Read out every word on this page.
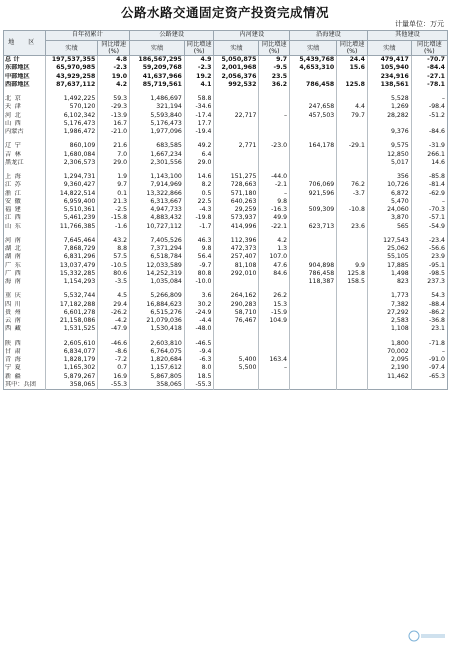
公路水路交通固定资产投资完成情况
计量单位：万元
地 区	自年初累计		公路建设		内河建设		沿海建设		其他建设	
	实绩	同比增速(%)	实绩	同比增速(%)	实绩	同比增速(%)	实绩	同比增速(%)	实绩	同比增速(%)
总 计	197,537,355	4.8	186,567,295	4.9	5,050,875	9.7	5,439,768	24.4	479,417	-70.7
东部地区	65,970,985	-2.3	59,209,768	-2.3	2,001,968	-9.5	4,653,310	15.6	105,940	-84.4
中部地区	43,929,258	19.0	41,637,966	19.2	2,056,376	23.5			234,916	-27.1
西部地区	87,637,112	4.2	85,719,561	4.1	992,532	36.2	786,458	125.8	138,561	-78.1

北京	1,492,225	59.3	1,486,697	58.8					5,528	–
天津	570,120	-29.3	321,194	-34.6			247,658	4.4	1,269	-98.4
河北	6,102,342	-13.9	5,593,840	-17.4	22,717	–	457,503	79.7	28,282	-51.2
山西	5,176,473	16.7	5,176,473	17.7						
内蒙古	1,986,472	-21.0	1,977,096	-19.4					9,376	-84.6

辽宁	860,109	21.6	683,585	49.2	2,771	-23.0	164,178	-29.1	9,575	-31.9
吉林	1,680,084	7.0	1,667,234	6.4					12,850	266.1
黑龙江	2,306,573	29.0	2,301,556	29.0					5,017	14.6

上海	1,294,731	1.9	1,143,100	14.6	151,275	-44.0			356	-85.8
江苏	9,360,427	9.7	7,914,969	8.2	728,663	-2.1	706,069	76.2	10,726	-81.4
浙江	14,822,514	0.1	13,322,866	0.5	571,180	–	921,596	-3.7	6,872	-62.9
安徽	6,959,400	21.3	6,313,667	22.5	640,263	9.8			5,470	–
福建	5,510,361	-2.5	4,947,733	-4.3	29,259	-16.3	509,309	-10.8	24,060	-70.3
江西	5,461,239	-15.8	4,883,432	-19.8	573,937	49.9			3,870	-57.1
山东	11,766,385	-1.6	10,727,112	-1.7	414,996	-22.1	623,713	23.6	565	-54.9

河南	7,645,464	43.2	7,405,526	46.3	112,396	4.2			127,543	-23.4
湖北	7,868,729	8.8	7,371,294	9.8	472,373	1.3			25,062	-56.6
湖南	6,831,296	57.5	6,518,784	56.4	257,407	107.0			55,105	23.9
广东	13,037,479	-10.5	12,033,589	-9.7	81,108	47.6	904,898	9.9	17,885	-95.1
广西	15,332,285	80.6	14,252,319	80.8	292,010	84.6	786,458	125.8	1,498	-98.5
海南	1,154,293	-3.5	1,035,084	-10.0			118,387	158.5	823	237.3

重庆	5,532,744	4.5	5,266,809	3.6	264,162	26.2			1,773	54.3
四川	17,182,288	29.4	16,884,623	30.2	290,283	15.3			7,382	-88.4
贵州	6,601,278	-26.2	6,515,276	-24.9	58,710	-15.9			27,292	-86.2
云南	21,158,086	-4.2	21,079,036	-4.4	76,467	104.9			2,583	-36.8
西藏	1,531,525	-47.9	1,530,418	-48.0					1,108	23.1

陕西	2,605,610	-46.6	2,603,810	-46.5					1,800	-71.8
甘肃	6,834,077	-8.6	6,764,075	-9.4					70,002	–
青海	1,828,179	-7.2	1,820,684	-6.3	5,400	163.4			2,095	-91.0
宁夏	1,165,302	0.7	1,157,612	8.0	5,500	–			2,190	-97.4
新疆	5,879,267	16.9	5,867,805	18.5					11,462	-65.3
其中：兵团	358,065	-55.3	358,065	-55.3						
